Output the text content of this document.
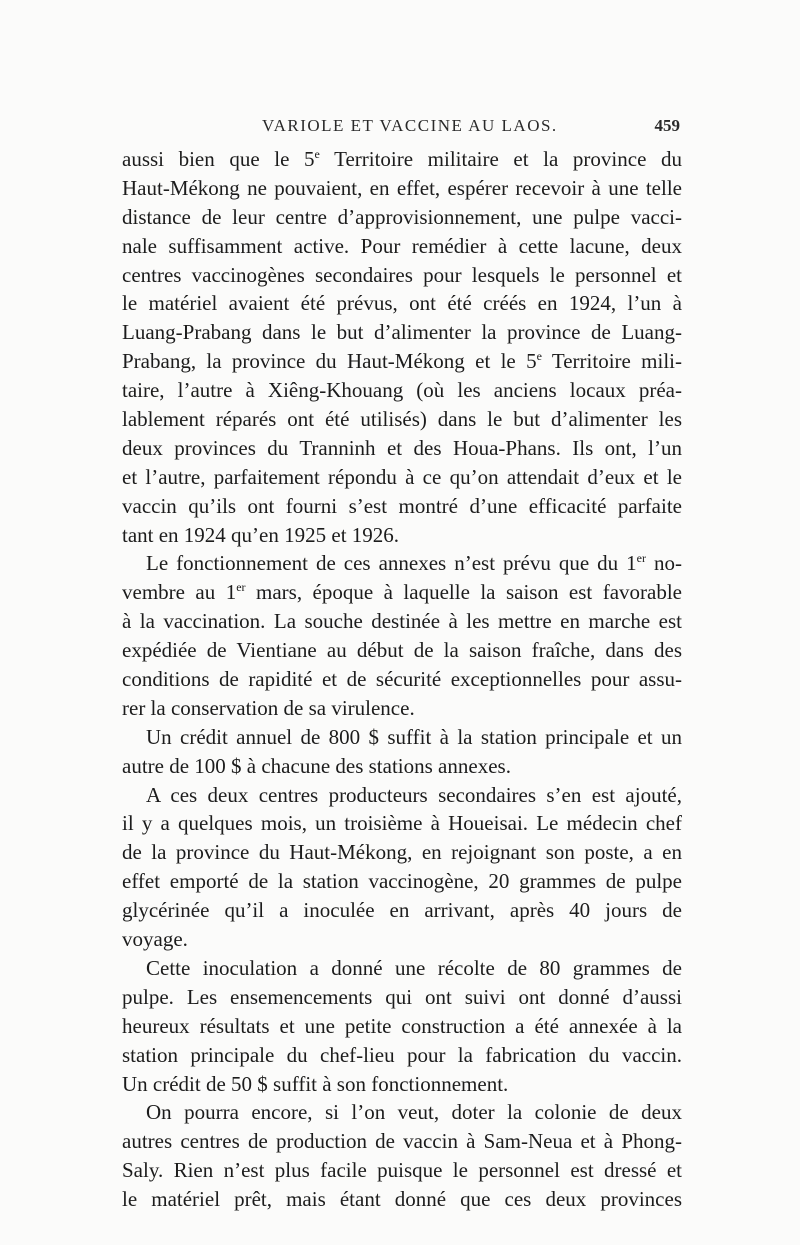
VARIOLE ET VACCINE AU LAOS.	459
aussi bien que le 5e Territoire militaire et la province du
Haut-Mékong ne pouvaient, en effet, espérer recevoir à une telle
distance de leur centre d’approvisionnement, une pulpe vacci-
nale suffisamment active. Pour remédier à cette lacune, deux
centres vaccinogènes secondaires pour lesquels le personnel et
le matériel avaient été prévus, ont été créés en 1924, l’un à
Luang-Prabang dans le but d’alimenter la province de Luang-
Prabang, la province du Haut-Mékong et le 5e Territoire mili-
taire, l’autre à Xiêng-Khouang (où les anciens locaux préa-
lablement réparés ont été utilisés) dans le but d’alimenter les
deux provinces du Tranninh et des Houa-Phans. Ils ont, l’un
et l’autre, parfaitement répondu à ce qu’on attendait d’eux et le
vaccin qu’ils ont fourni s’est montré d’une efficacité parfaite
tant en 1924 qu’en 1925 et 1926.
Le fonctionnement de ces annexes n’est prévu que du 1er no-
vembre au 1er mars, époque à laquelle la saison est favorable
à la vaccination. La souche destinée à les mettre en marche est
expédiée de Vientiane au début de la saison fraîche, dans des
conditions de rapidité et de sécurité exceptionnelles pour assu-
rer la conservation de sa virulence.
Un crédit annuel de 800 $ suffit à la station principale et un
autre de 100 $ à chacune des stations annexes.
A ces deux centres producteurs secondaires s’en est ajouté,
il y a quelques mois, un troisième à Houeisai. Le médecin chef
de la province du Haut-Mékong, en rejoignant son poste, a en
effet emporté de la station vaccinogène, 20 grammes de pulpe
glycérinée qu’il a inoculée en arrivant, après 40 jours de
voyage.
Cette inoculation a donné une récolte de 80 grammes de
pulpe. Les ensemencements qui ont suivi ont donné d’aussi
heureux résultats et une petite construction a été annexée à la
station principale du chef-lieu pour la fabrication du vaccin.
Un crédit de 50 $ suffit à son fonctionnement.
On pourra encore, si l’on veut, doter la colonie de deux
autres centres de production de vaccin à Sam-Neua et à Phong-
Saly. Rien n’est plus facile puisque le personnel est dressé et
le matériel prêt, mais étant donné que ces deux provinces
